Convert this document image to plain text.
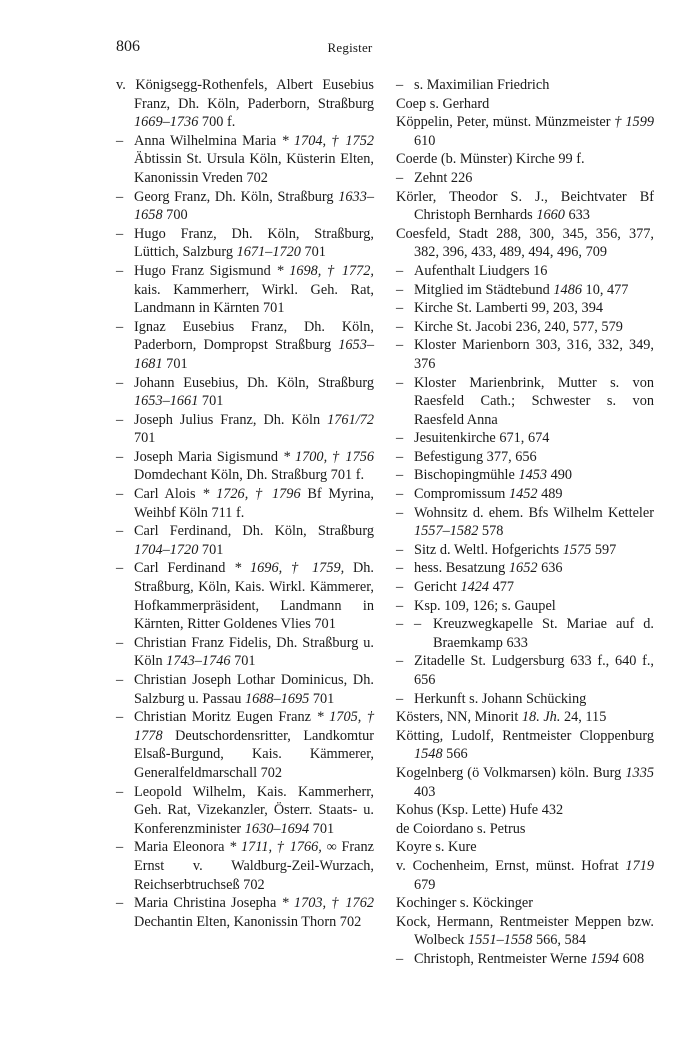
806	Register
v. Königsegg-Rothenfels, Albert Eusebius Franz, Dh. Köln, Paderborn, Straßburg 1669–1736 700 f.
– Anna Wilhelmina Maria * 1704, † 1752 Äbtissin St. Ursula Köln, Küsterin Elten, Kanonissin Vreden 702
– Georg Franz, Dh. Köln, Straßburg 1633–1658 700
– Hugo Franz, Dh. Köln, Straßburg, Lüttich, Salzburg 1671–1720 701
– Hugo Franz Sigismund * 1698, † 1772, kais. Kammerherr, Wirkl. Geh. Rat, Landmann in Kärnten 701
– Ignaz Eusebius Franz, Dh. Köln, Paderborn, Dompropst Straßburg 1653–1681 701
– Johann Eusebius, Dh. Köln, Straßburg 1653–1661 701
– Joseph Julius Franz, Dh. Köln 1761/72 701
– Joseph Maria Sigismund * 1700, † 1756 Domdechant Köln, Dh. Straßburg 701 f.
– Carl Alois * 1726, † 1796 Bf Myrina, Weihbf Köln 711 f.
– Carl Ferdinand, Dh. Köln, Straßburg 1704–1720 701
– Carl Ferdinand * 1696, † 1759, Dh. Straßburg, Köln, Kais. Wirkl. Kämmerer, Hofkammerpräsident, Landmann in Kärnten, Ritter Goldenes Vlies 701
– Christian Franz Fidelis, Dh. Straßburg u. Köln 1743–1746 701
– Christian Joseph Lothar Dominicus, Dh. Salzburg u. Passau 1688–1695 701
– Christian Moritz Eugen Franz * 1705, † 1778 Deutschordensritter, Landkomtur Elsaß-Burgund, Kais. Kämmerer, Generalfeldmarschall 702
– Leopold Wilhelm, Kais. Kammerherr, Geh. Rat, Vizekanzler, Österr. Staats- u. Konferenzminister 1630–1694 701
– Maria Eleonora * 1711, † 1766, ∞ Franz Ernst v. Waldburg-Zeil-Wurzach, Reichserbtruchseß 702
– Maria Christina Josepha * 1703, † 1762 Dechantin Elten, Kanonissin Thorn 702
– s. Maximilian Friedrich
Coep s. Gerhard
Köppelin, Peter, münst. Münzmeister † 1599 610
Coerde (b. Münster) Kirche 99 f.
– Zehnt 226
Körler, Theodor S. J., Beichtvater Bf Christoph Bernhards 1660 633
Coesfeld, Stadt 288, 300, 345, 356, 377, 382, 396, 433, 489, 494, 496, 709
– Aufenthalt Liudgers 16
– Mitglied im Städtebund 1486 10, 477
– Kirche St. Lamberti 99, 203, 394
– Kirche St. Jacobi 236, 240, 577, 579
– Kloster Marienborn 303, 316, 332, 349, 376
– Kloster Marienbrink, Mutter s. von Raesfeld Cath.; Schwester s. von Raesfeld Anna
– Jesuitenkirche 671, 674
– Befestigung 377, 656
– Bischopingmühle 1453 490
– Compromissum 1452 489
– Wohnsitz d. ehem. Bfs Wilhelm Ketteler 1557–1582 578
– Sitz d. Weltl. Hofgerichts 1575 597
– hess. Besatzung 1652 636
– Gericht 1424 477
– Ksp. 109, 126; s. Gaupel
– – Kreuzwegkapelle St. Mariae auf d. Braemkamp 633
– Zitadelle St. Ludgersburg 633 f., 640 f., 656
– Herkunft s. Johann Schücking
Kösters, NN, Minorit 18. Jh. 24, 115
Kötting, Ludolf, Rentmeister Cloppenburg 1548 566
Kogelnberg (ö Volkmarsen) köln. Burg 1335 403
Kohus (Ksp. Lette) Hufe 432
de Coiordano s. Petrus
Koyre s. Kure
v. Cochenheim, Ernst, münst. Hofrat 1719 679
Kochinger s. Köckinger
Kock, Hermann, Rentmeister Meppen bzw. Wolbeck 1551–1558 566, 584
– Christoph, Rentmeister Werne 1594 608
